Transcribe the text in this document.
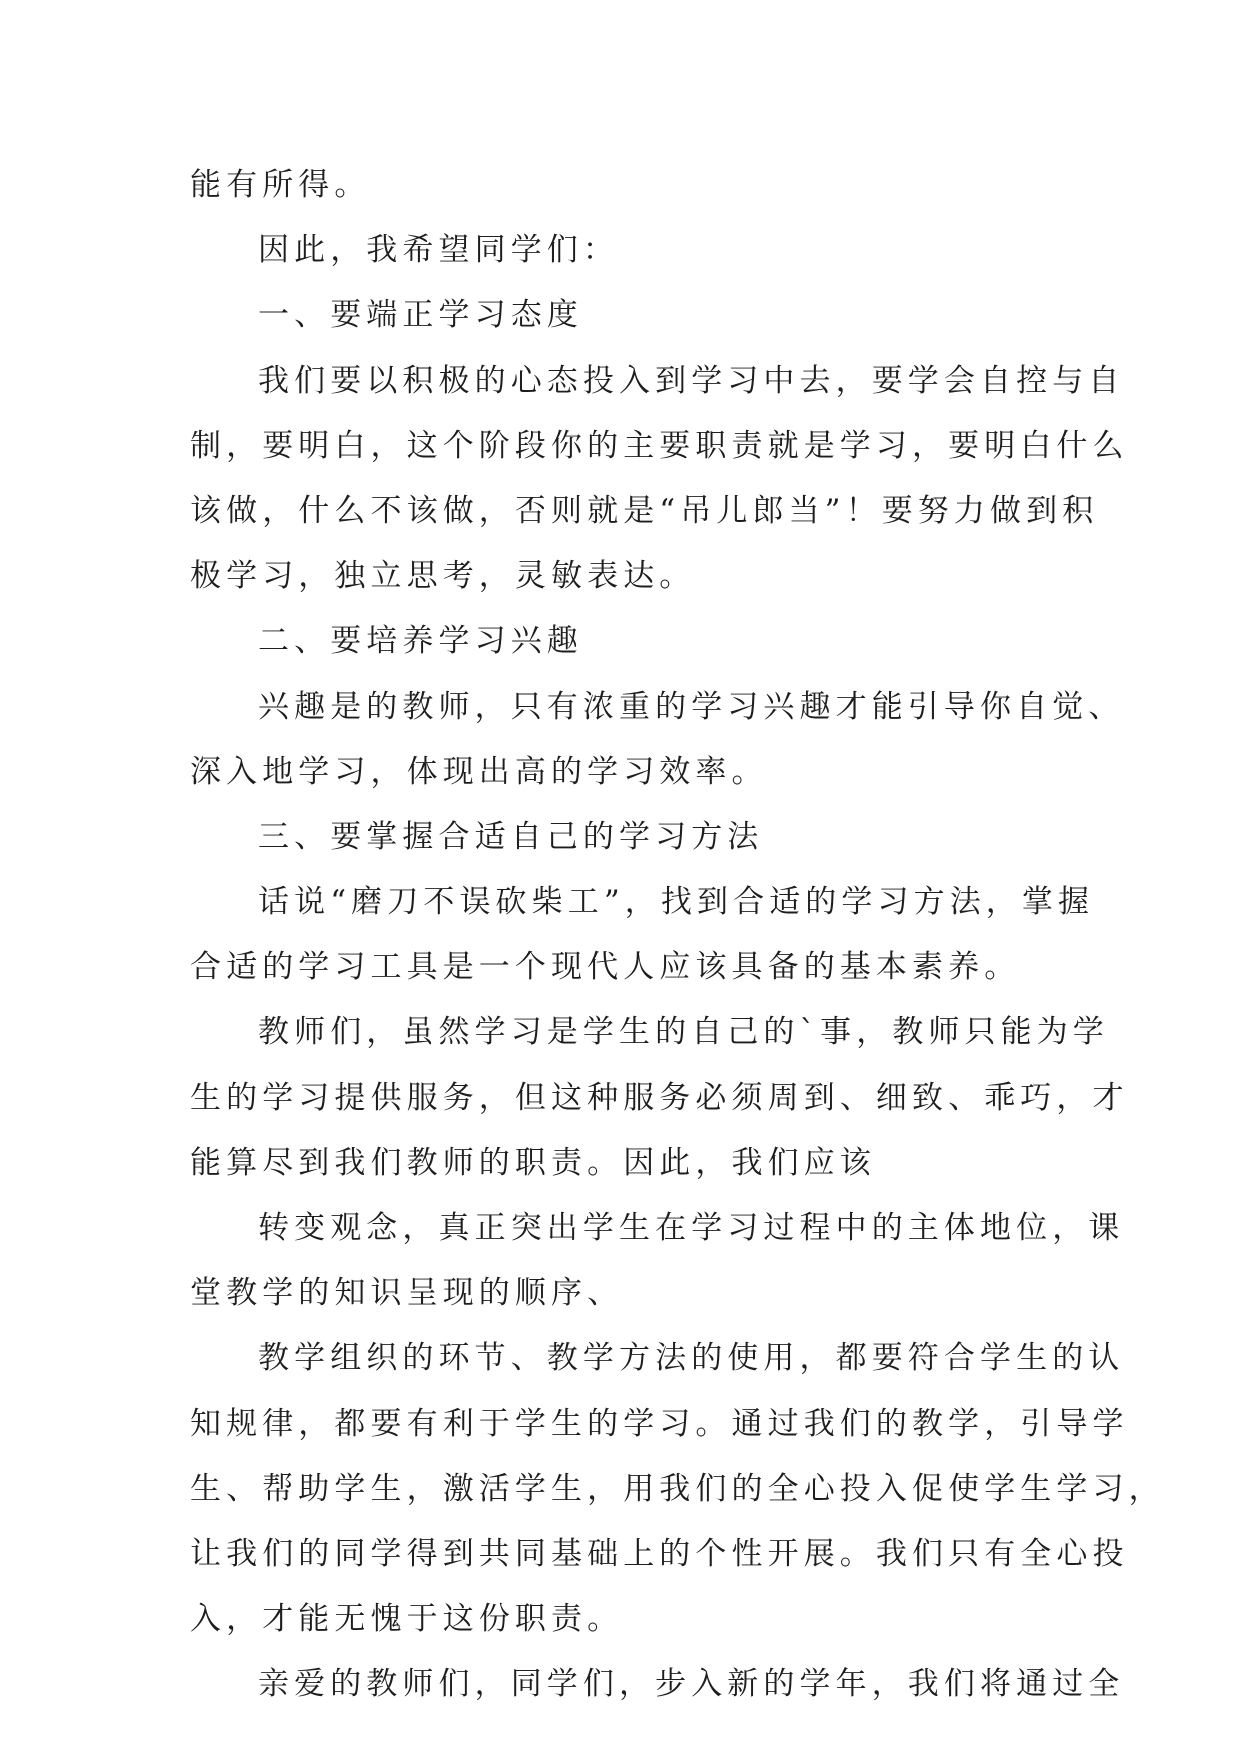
能有所得。
因此，我希望同学们：
一、要端正学习态度
我们要以积极的心态投入到学习中去，要学会自控与自
制，要明白，这个阶段你的主要职责就是学习，要明白什么
该做，什么不该做，否则就是“吊儿郎当”！要努力做到积
极学习，独立思考，灵敏表达。
二、要培养学习兴趣
兴趣是的教师，只有浓重的学习兴趣才能引导你自觉、
深入地学习，体现出高的学习效率。
三、要掌握合适自己的学习方法
话说“磨刀不误砍柴工”，找到合适的学习方法，掌握
合适的学习工具是一个现代人应该具备的基本素养。
教师们，虽然学习是学生的自己的`事，教师只能为学
生的学习提供服务，但这种服务必须周到、细致、乖巧，才
能算尽到我们教师的职责。因此，我们应该
转变观念，真正突出学生在学习过程中的主体地位，课
堂教学的知识呈现的顺序、
教学组织的环节、教学方法的使用，都要符合学生的认
知规律，都要有利于学生的学习。通过我们的教学，引导学
生、帮助学生，激活学生，用我们的全心投入促使学生学习，
让我们的同学得到共同基础上的个性开展。我们只有全心投
入，才能无愧于这份职责。
亲爱的教师们，同学们，步入新的学年，我们将通过全
